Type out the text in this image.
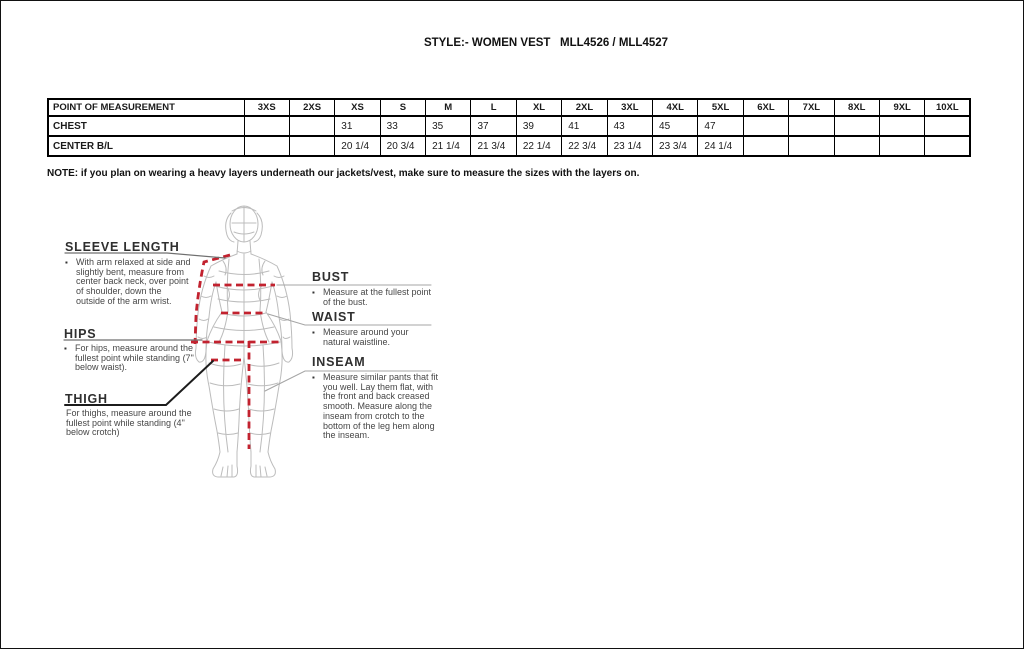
STYLE:- WOMEN VEST   MLL4526 / MLL4527
POINT OF MEASUREMENT	3XS	2XS	XS	S	M	L	XL	2XL	3XL	4XL	5XL	6XL	7XL	8XL	9XL	10XL
CHEST			31	33	35	37	39	41	43	45	47					
CENTER B/L			20 1/4	20 3/4	21 1/4	21 3/4	22 1/4	22 3/4	23 1/4	23 3/4	24 1/4					
NOTE: if you plan on wearing a heavy layers underneath our jackets/vest, make sure to measure the sizes with the layers on.
SLEEVE LENGTH
▪ With arm relaxed at side and slightly bent, measure from center back neck, over point of shoulder, down the outside of the arm wrist.
HIPS
▪ For hips, measure around the fullest point while standing (7" below waist).
THIGH
For thighs, measure around the fullest point while standing (4" below crotch)
BUST
▪ Measure at the fullest point of the bust.
WAIST
▪ Measure around your natural waistline.
INSEAM
▪ Measure similar pants that fit you well. Lay them flat, with the front and back creased smooth. Measure along the inseam from crotch to the bottom of the leg hem along the inseam.
